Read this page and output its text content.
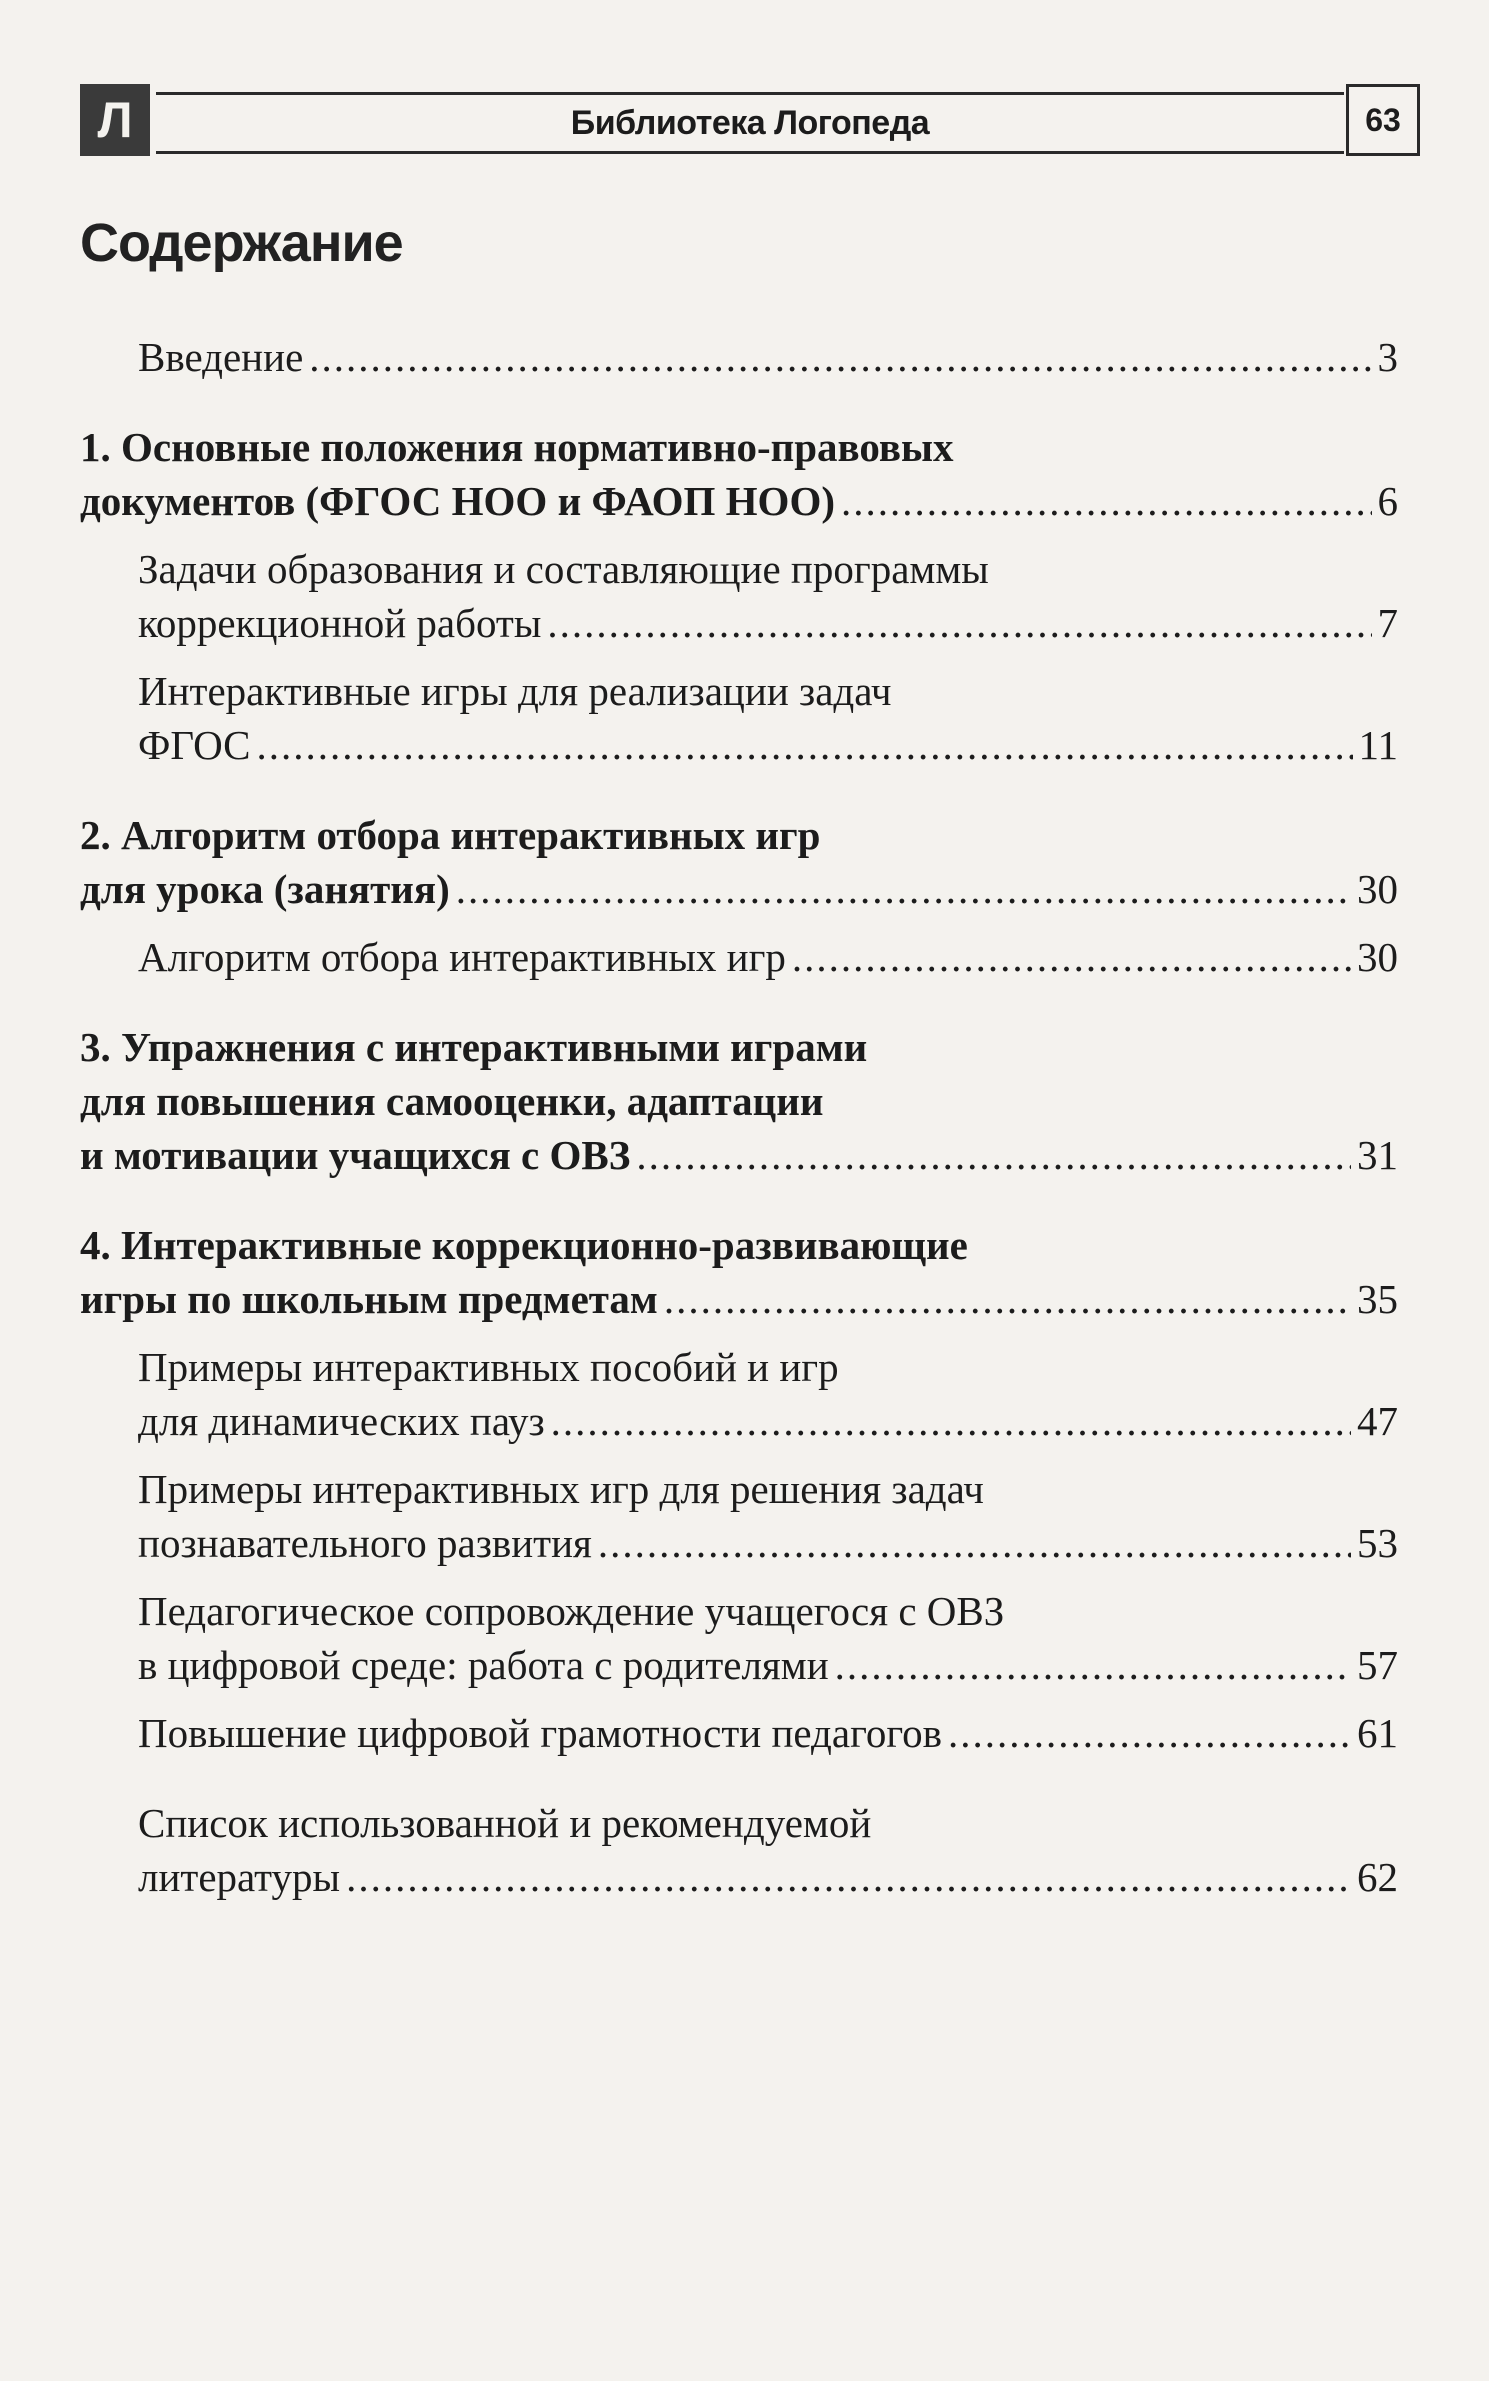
Л	Библиотека Логопеда	63
Содержание
Введение .....	3
1. Основные положения нормативно-правовых
документов (ФГОС НОО и ФАОП НОО) .....	6
Задачи образования и составляющие программы
коррекционной работы .....	7
Интерактивные игры для реализации задач
ФГОС .....	11
2. Алгоритм отбора интерактивных игр
для урока (занятия) .....	30
Алгоритм отбора интерактивных игр .....	30
3. Упражнения с интерактивными играми
для повышения самооценки, адаптации
и мотивации учащихся с ОВЗ .....	31
4. Интерактивные коррекционно-развивающие
игры по школьным предметам .....	35
Примеры интерактивных пособий и игр
для динамических пауз .....	47
Примеры интерактивных игр для решения задач
познавательного развития .....	53
Педагогическое сопровождение учащегося с ОВЗ
в цифровой среде: работа с родителями .....	57
Повышение цифровой грамотности педагогов .....	61
Список использованной и рекомендуемой
литературы .....	62
